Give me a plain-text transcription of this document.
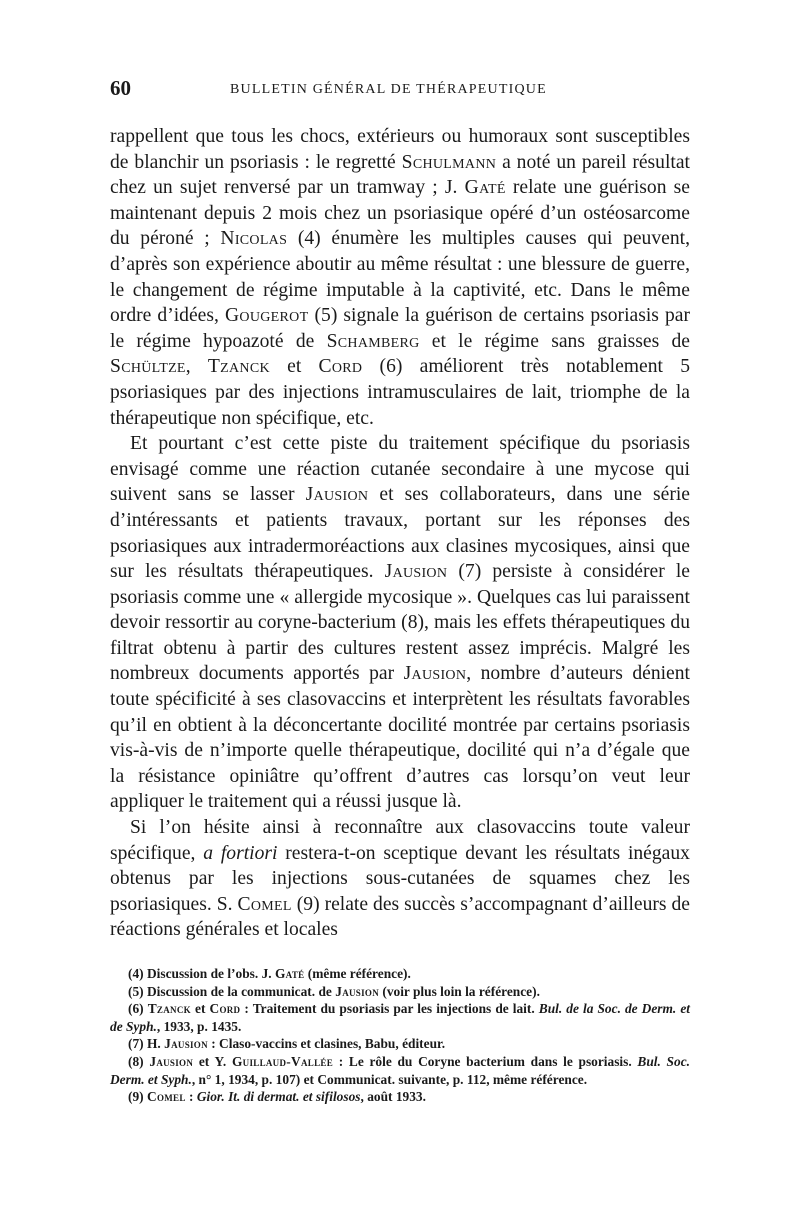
60	BULLETIN GÉNÉRAL DE THÉRAPEUTIQUE

rappellent que tous les chocs, extérieurs ou humoraux sont susceptibles de blanchir un psoriasis : le regretté Schulmann a noté un pareil résultat chez un sujet renversé par un tramway ; J. Gaté relate une guérison se maintenant depuis 2 mois chez un psoriasique opéré d’un ostéosarcome du péroné ; Nicolas (4) énumère les multiples causes qui peuvent, d’après son expérience aboutir au même résultat : une blessure de guerre, le changement de régime imputable à la captivité, etc. Dans le même ordre d’idées, Gougerot (5) signale la guérison de certains psoriasis par le régime hypoazoté de Schamberg et le régime sans graisses de Schültze, Tzanck et Cord (6) améliorent très notablement 5 psoriasiques par des injections intramusculaires de lait, triomphe de la thérapeutique non spécifique, etc.

Et pourtant c’est cette piste du traitement spécifique du psoriasis envisagé comme une réaction cutanée secondaire à une mycose qui suivent sans se lasser Jausion et ses collaborateurs, dans une série d’intéressants et patients travaux, portant sur les réponses des psoriasiques aux intradermoréactions aux clasines mycosiques, ainsi que sur les résultats thérapeutiques. Jausion (7) persiste à considérer le psoriasis comme une « allergide mycosique ». Quelques cas lui paraissent devoir ressortir au coryne-bacterium (8), mais les effets thérapeutiques du filtrat obtenu à partir des cultures restent assez imprécis. Malgré les nombreux documents apportés par Jausion, nombre d’auteurs dénient toute spécificité à ses clasovaccins et interprètent les résultats favorables qu’il en obtient à la déconcertante docilité montrée par certains psoriasis vis-à-vis de n’importe quelle thérapeutique, docilité qui n’a d’égale que la résistance opiniâtre qu’offrent d’autres cas lorsqu’on veut leur appliquer le traitement qui a réussi jusque là.

Si l’on hésite ainsi à reconnaître aux clasovaccins toute valeur spécifique, a fortiori restera-t-on sceptique devant les résultats inégaux obtenus par les injections sous-cutanées de squames chez les psoriasiques. S. Comel (9) relate des succès s’accompagnant d’ailleurs de réactions générales et locales

(4) Discussion de l’obs. J. Gaté (même référence).

(5) Discussion de la communicat. de Jausion (voir plus loin la référence).

(6) Tzanck et Cord : Traitement du psoriasis par les injections de lait. Bul. de la Soc. de Derm. et de Syph., 1933, p. 1435.

(7) H. Jausion : Claso-vaccins et clasines, Babu, éditeur.

(8) Jausion et Y. Guillaud-Vallée : Le rôle du Coryne bacterium dans le psoriasis. Bul. Soc. Derm. et Syph., n° 1, 1934, p. 107) et Communicat. suivante, p. 112, même référence.

(9) Comel : Gior. It. di dermat. et sifilosos, août 1933.
